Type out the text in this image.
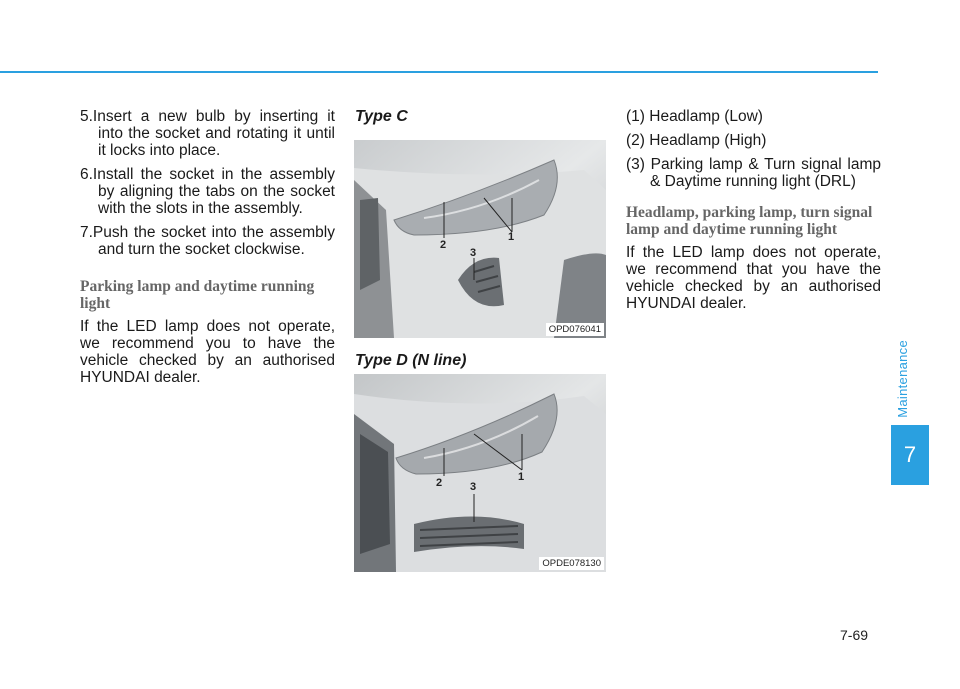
Maintenance
7

5.Insert a new bulb by inserting it into the socket and rotating it until it locks into place.

6.Install the socket in the assembly by aligning the tabs on the socket with the slots in the assembly.

7.Push the socket into the assembly and turn the socket clockwise.

Parking lamp and daytime running light

If the LED lamp does not operate, we recommend you to have the vehicle checked by an authorised HYUNDAI dealer.

Type C
2
1
3
OPD076041
Type D (N line)
2	1
3
OPDE078130

(1) Headlamp (Low)

(2) Headlamp (High)

(3) Parking lamp & Turn signal lamp & Daytime running light (DRL)

Headlamp, parking lamp, turn signal lamp and daytime running light

If the LED lamp does not operate, we recommend that you have the vehicle checked by an authorised HYUNDAI dealer.

7-69
